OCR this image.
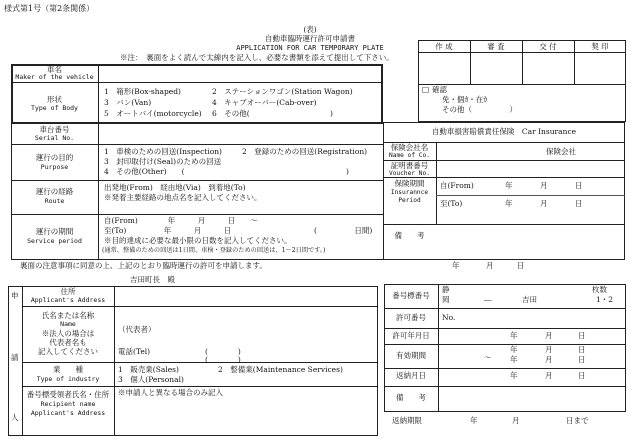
様式第1号（第2条関係）
(表)
自動車臨時運行許可申請書
APPLICATION FOR CAR TEMPORARY PLATE
※注：　裏面をよく読んで太線内を記入し、必要な書類を添えて提出して下さい。
作 成	審 査	交 付	契 印
□ 確認
免・個ｶ・在ｶ
その他（　　　　　）
車名
Maker of the vehicle
形状
Type of Body
1　箱形(Box-shaped)	2　ステーションワゴン(Station Wagon)
3　バン(Van)	4　キャブオーバー(Cab-over)
5　オートバイ(motorcycle) 6　その他(	)
車台番号
Serial No.
運行の目的
Purpose
1　車検のための回送(Inspection)	2　登録のための回送(Registration)
3　封印取付け(Seal)のための回送
4　その他(Other)　　(	)
運行の経路
Route
出発地(From)　経由地(Via)　到着地(To)
※発着主要経路の地点名を記入してください。
運行の期間
Service period
自(From)　　　　年　　　月　　　日　　〜
至(To)　　　　　年　　　月　　　日	(　　　　　日間)
※目的達成に必要な最小限の日数を記入してください。
(通常、整備のための回送は1日間、車検・登録のための回送は、1〜2日間です。)
自動車損害賠償責任保険　Car Insurance
保険会社名
Name of Co.	保険会社
証明書番号
Voucher No.
保険期間
Insurannce
Period
自(From)	年	月	日
至(To)	年	月	日
備　　考
裏面の注意事項に同意の上、上記のとおり臨時運行の許可を申請します。	年	月	日
吉田町長　殿
申
請
人
住所
Applicant's Address
氏名または名称
Name
※法人の場合は
代表者名も
記入してください
（代表者）
電話(Tel)	(　　　　)
(　　　　)
業　　種
Type of industry
1　販売業(Sales)	2　整備業(Maintenance Services)
3　個人(Personal)
番号標受領者氏名・住所
Recipient name
Applicant's Address
※申請人と異なる場合のみ記入
番号標番号
静
岡	―	吉田
枚数
1・2
許可番号	No.
許可年月日	年	月	日
有効期間
年	月	日
〜 年	月	日
返納月日	年	月	日
備　　考
返納期限	年	月	日まで
